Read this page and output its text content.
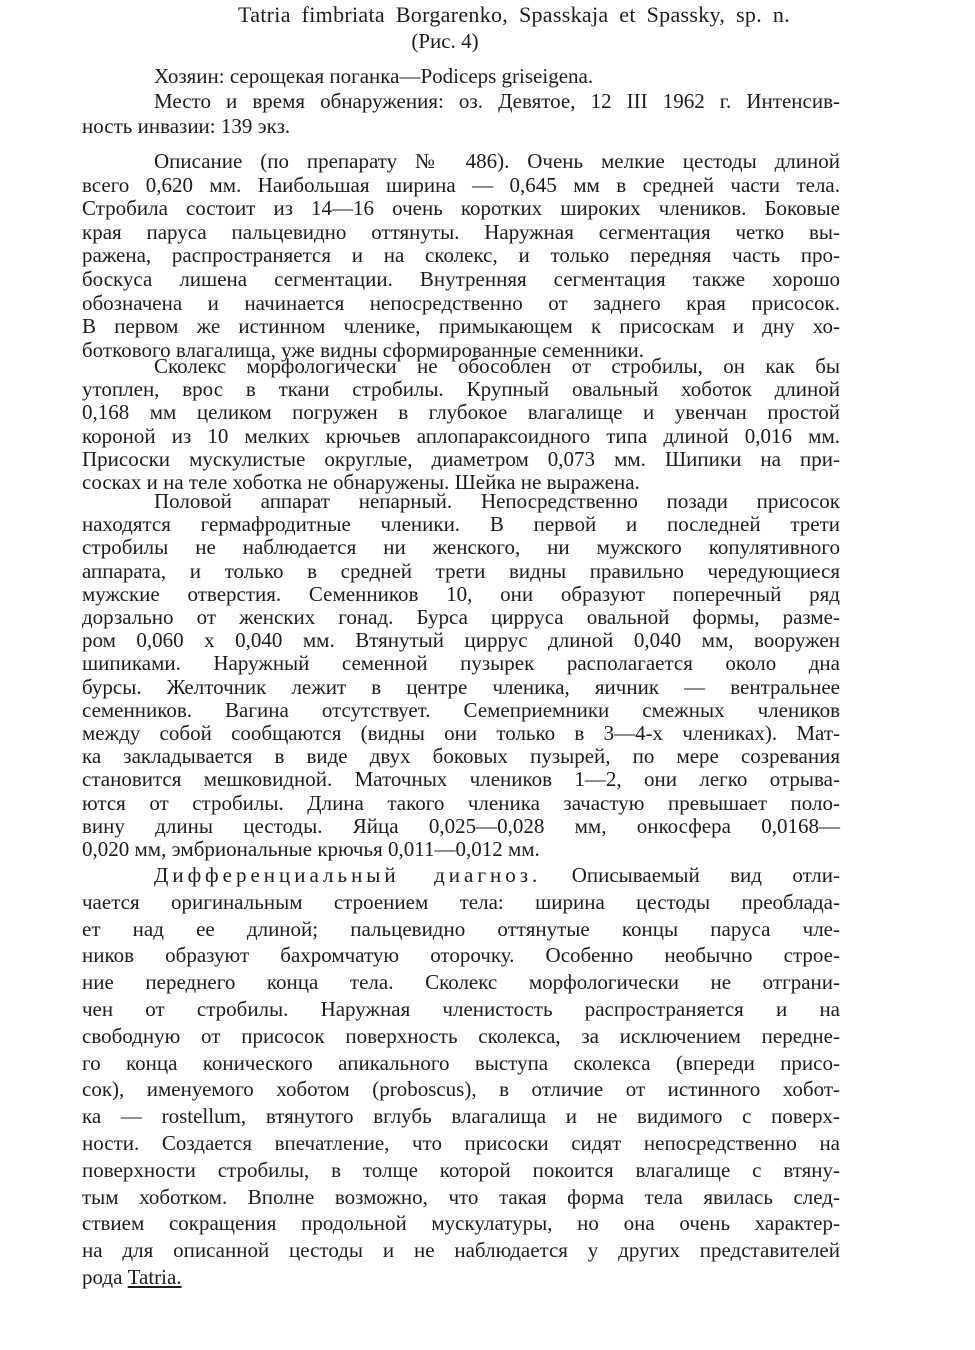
Tatria fimbriata Borgarenko, Spasskaja et Spassky, sp. n.
(Рис. 4)
Хозяин: серощекая поганка—Podiceps griseigena.
Место и время обнаружения: оз. Девятое, 12 III 1962 г. Интенсив-
ность инвазии: 139 экз.
Описание (по препарату № 486). Очень мелкие цестоды длиной
всего 0,620 мм. Наибольшая ширина — 0,645 мм в средней части тела.
Стробила состоит из 14—16 очень коротких широких члеников. Боковые
края паруса пальцевидно оттянуты. Наружная сегментация четко вы-
ражена, распространяется и на сколекс, и только передняя часть про-
боскуса лишена сегментации. Внутренняя сегментация также хорошо
обозначена и начинается непосредственно от заднего края присосок.
В первом же истинном членике, примыкающем к присоскам и дну хо-
боткового влагалища, уже видны сформированные семенники.
Сколекс морфологически не обособлен от стробилы, он как бы
утоплен, врос в ткани стробилы. Крупный овальный хоботок длиной
0,168 мм целиком погружен в глубокое влагалище и увенчан простой
короной из 10 мелких крючьев аплопараксоидного типа длиной 0,016 мм.
Присоски мускулистые округлые, диаметром 0,073 мм. Шипики на при-
сосках и на теле хоботка не обнаружены. Шейка не выражена.
Половой аппарат непарный. Непосредственно позади присосок
находятся гермафродитные членики. В первой и последней трети
стробилы не наблюдается ни женского, ни мужского копулятивного
аппарата, и только в средней трети видны правильно чередующиеся
мужские отверстия. Семенников 10, они образуют поперечный ряд
дорзально от женских гонад. Бурса цирруса овальной формы, разме-
ром 0,060 х 0,040 мм. Втянутый циррус длиной 0,040 мм, вооружен
шипиками. Наружный семенной пузырек располагается около дна
бурсы. Желточник лежит в центре членика, яичник — вентральнее
семенников. Вагина отсутствует. Семеприемники смежных члеников
между собой сообщаются (видны они только в 3—4-х члениках). Мат-
ка закладывается в виде двух боковых пузырей, по мере созревания
становится мешковидной. Маточных члеников 1—2, они легко отрыва-
ются от стробилы. Длина такого членика зачастую превышает поло-
вину длины цестоды. Яйца 0,025—0,028 мм, онкосфера 0,0168—
0,020 мм, эмбриональные крючья 0,011—0,012 мм.
Дифференциальный диагноз. Описываемый вид отли-
чается оригинальным строением тела: ширина цестоды преоблада-
ет над ее длиной; пальцевидно оттянутые концы паруса чле-
ников образуют бахромчатую оторочку. Особенно необычно строе-
ние переднего конца тела. Сколекс морфологически не отграни-
чен от стробилы. Наружная членистость распространяется и на
свободную от присосок поверхность сколекса, за исключением передне-
го конца конического апикального выступа сколекса (впереди присо-
сок), именуемого хоботом (proboscus), в отличие от истинного хобот-
ка — rostellum, втянутого вглубь влагалища и не видимого с поверх-
ности. Создается впечатление, что присоски сидят непосредственно на
поверхности стробилы, в толще которой покоится влагалище с втяну-
тым хоботком. Вполне возможно, что такая форма тела явилась след-
ствием сокращения продольной мускулатуры, но она очень характер-
на для описанной цестоды и не наблюдается у других представителей
рода Tatria.
